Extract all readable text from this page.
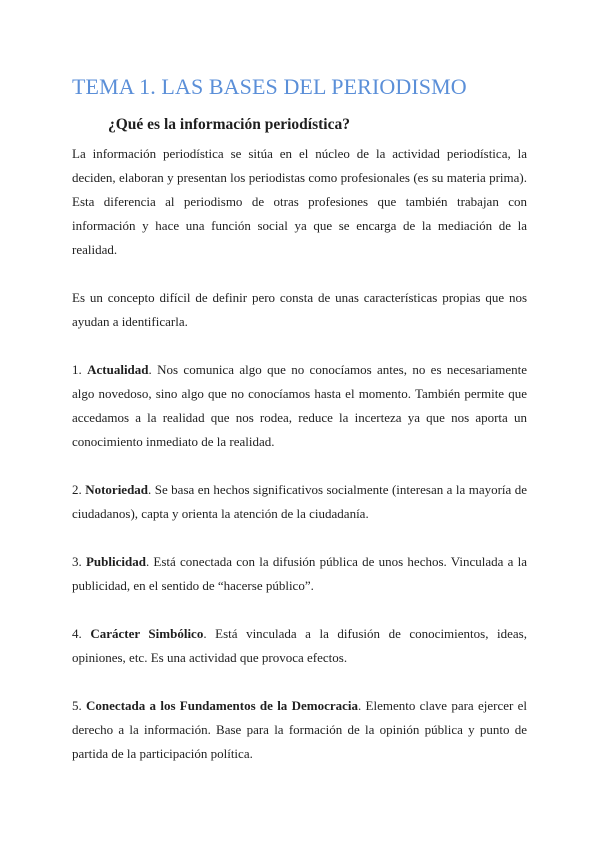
TEMA 1. LAS BASES DEL PERIODISMO
¿Qué es la información periodística?

La información periodística se sitúa en el núcleo de la actividad periodística, la deciden, elaboran y presentan los periodistas como profesionales (es su materia prima). Esta diferencia al periodismo de otras profesiones que también trabajan con información y hace una función social ya que se encarga de la mediación de la realidad.

Es un concepto difícil de definir pero consta de unas características propias que nos ayudan a identificarla.

1. Actualidad. Nos comunica algo que no conocíamos antes, no es necesariamente algo novedoso, sino algo que no conocíamos hasta el momento. También permite que accedamos a la realidad que nos rodea, reduce la incerteza ya que nos aporta un conocimiento inmediato de la realidad.

2. Notoriedad. Se basa en hechos significativos socialmente (interesan a la mayoría de ciudadanos), capta y orienta la atención de la ciudadanía.

3. Publicidad. Está conectada con la difusión pública de unos hechos. Vinculada a la publicidad, en el sentido de “hacerse público”.

4. Carácter Simbólico. Está vinculada a la difusión de conocimientos, ideas, opiniones, etc. Es una actividad que provoca efectos.

5. Conectada a los Fundamentos de la Democracia. Elemento clave para ejercer el derecho a la información. Base para la formación de la opinión pública y punto de partida de la participación política.
